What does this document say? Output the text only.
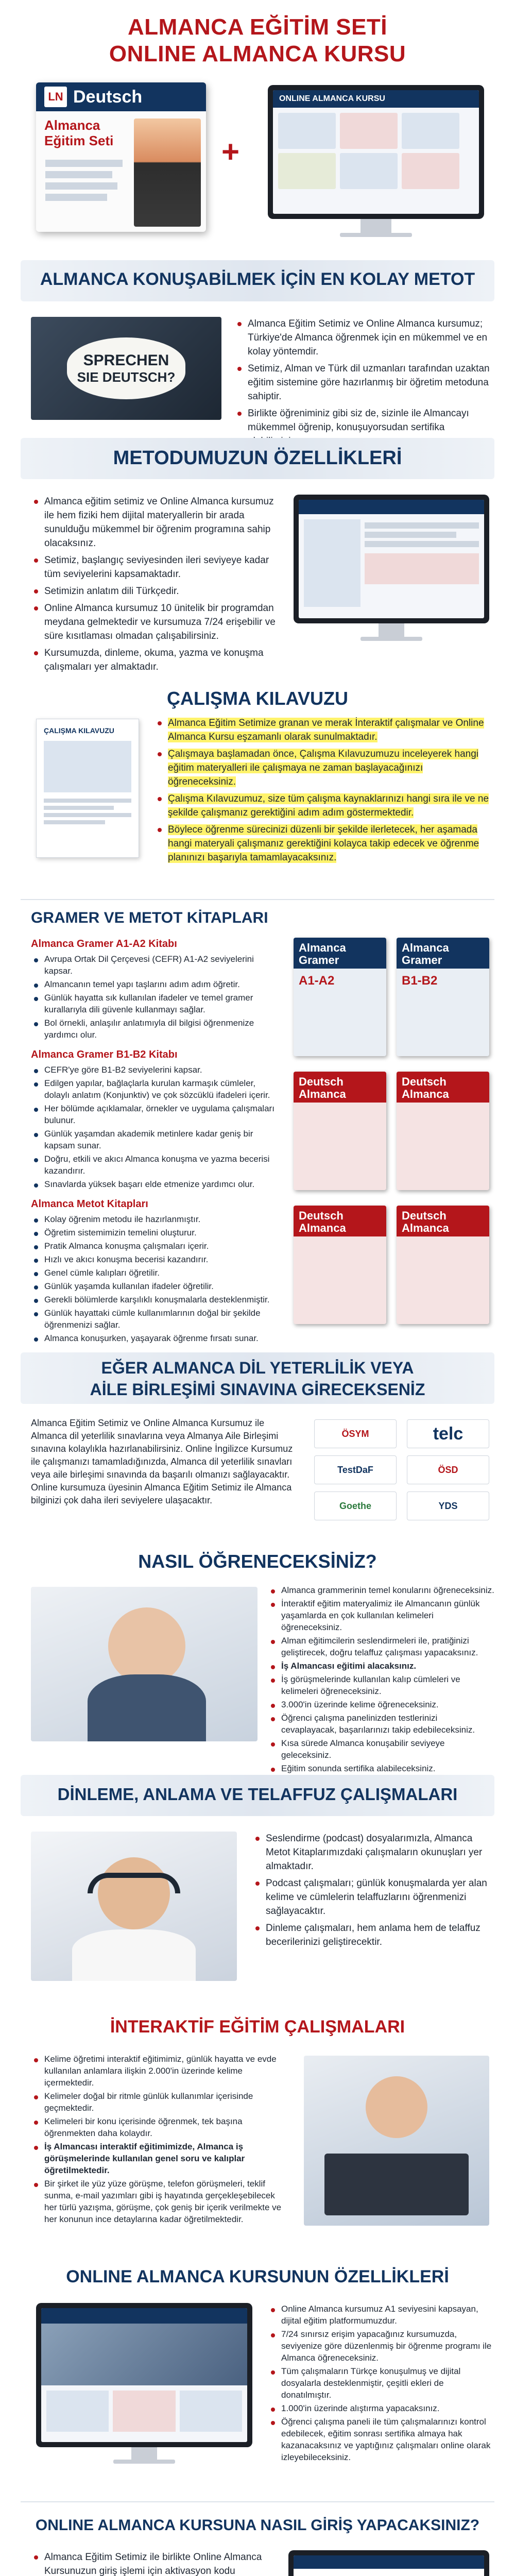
ALMANCA EĞİTİM SETİ
ONLINE ALMANCA KURSU
LN Deutsch
Almanca Eğitim Seti	+
ONLINE ALMANCA KURSU
ALMANCA KONUŞABİLMEK İÇİN EN KOLAY METOT
SPRECHEN
SIE DEUTSCH?
Almanca Eğitim Setimiz ve Online Almanca kursumuz; Türkiye'de Almanca öğrenmek için en mükemmel ve en kolay yöntemdir.
Setimiz, Alman ve Türk dil uzmanları tarafından uzaktan eğitim sistemine göre hazırlanmış bir öğretim metoduna sahiptir.
Birlikte öğreniminiz gibi siz de, sizinle ile Almancayı mükemmel öğrenip, konuşuyorsudan sertifika
METODUMUZUN ÖZELLİKLERİ
Almanca eğitim setimiz ve Online Almanca kursumuz ile hem fiziki hem dijital materyallerin bir arada sunulduğu mükemmel bir öğrenim programına sahip olacaksınız.
Setimiz, başlangıç seviyesinden ileri seviyeye kadar tüm seviyelerini kapsamaktadır.
Setimizin anlatım dili Türkçedir.
Online Almanca kursumuz 10 ünitelik bir programdan meydana gelmektedir ve kursumuza 7/24 erişebilir ve süre kısıtlaması olmadan çalışabilirsiniz.
Kursumuzda, dinleme, okuma, yazma ve konuşma çalışmaları yer almaktadır.
ÇALIŞMA KILAVUZU
ÇALIŞMA KILAVUZU
Almanca Eğitim Setimize granan ve merak İnteraktif çalışmalar ve Online Almanca Kursu eşzamanlı olarak sunulmaktadır.
Çalışmaya başlamadan önce, Çalışma Kılavuzumuzu inceleyerek hangi eğitim materyalleri ile çalışmaya ne zaman başlayacağınızı öğreneceksiniz.
Çalışma Kılavuzumuz, size tüm çalışma kaynaklarınızı hangi sıra ile ve ne şekilde çalışmanız gerektiğini adım adım göstermektedir.
Böylece öğrenme sürecinizi düzenli bir şekilde ilerletecek, her aşamada hangi materyali çalışmanız gerektiğini kolayca takip edecek ve öğrenme planınızı başarıyla tamamlayacaksınız.
GRAMER VE METOT KİTAPLARI
Almanca Gramer A1-A2 Kitabı
Avrupa Ortak Dil Çerçevesi (CEFR) A1-A2 seviyelerini kapsar.
Almancanın temel yapı taşlarını adım adım öğretir.
Günlük hayatta sık kullanılan ifadeler ve temel gramer kurallarıyla dili güvenle kullanmayı sağlar.
Bol örnekli, anlaşılır anlatımıyla dil bilgisi öğrenmenize yardımcı olur.
Almanca Gramer B1-B2 Kitabı
CEFR'ye göre B1-B2 seviyelerini kapsar.
Edilgen yapılar, bağlaçlarla kurulan karmaşık cümleler, dolaylı anlatım (Konjunktiv) ve çok sözcüklü ifadeleri içerir.
Her bölümde açıklamalar, örnekler ve uygulama çalışmaları bulunur.
Günlük yaşamdan akademik metinlere kadar geniş bir kapsam sunar.
Doğru, etkili ve akıcı Almanca konuşma ve yazma becerisi kazandırır.
Sınavlarda yüksek başarı elde etmenize yardımcı olur.
Almanca Metot Kitapları
Kolay öğrenim metodu ile hazırlanmıştır.
Öğretim sistemimizin temelini oluşturur.
Pratik Almanca konuşma çalışmaları içerir.
Hızlı ve akıcı konuşma becerisi kazandırır.
Genel cümle kalıpları öğretilir.
Günlük yaşamda kullanılan ifadeler öğretilir.
Gerekli bölümlerde karşılıklı konuşmalarla desteklenmiştir.
Günlük hayattaki cümle kullanımlarının doğal bir şekilde öğrenmenizi sağlar.
Almanca konuşurken, yaşayarak öğrenme fırsatı sunar.
Almanca Gramer
A1-A2
Almanca Gramer
B1-B2
Deutsch Almanca
Deutsch Almanca
Deutsch Almanca
Deutsch Almanca
EĞER ALMANCA DİL YETERLİLİK VEYA
AİLE BİRLEŞİMİ SINAVINA GİRECEKSENİZ
Almanca Eğitim Setimiz ve Online Almanca Kursumuz ile Almanca dil yeterlilik sınavlarına veya Almanya Aile Birleşimi sınavına kolaylıkla hazırlanabilirsiniz. Online İngilizce Kursumuz ile çalışmanızı tamamladığınızda, Almanca dil yeterlilik sınavları veya aile birleşimi sınavında da başarılı olmanızı sağlayacaktır. Online kursumuza üyesinin Almanca Eğitim Setimiz ile Almanca bilginizi çok daha ileri seviyelere ulaşacaktır.
ÖSYM	telc
TestDaF	ÖSD
Goethe	YDS
NASIL ÖĞRENECEKSİNİZ?
Almanca grammerinin temel konularını öğreneceksiniz.
İnteraktif eğitim materyalimiz ile Almancanın günlük yaşamlarda en çok kullanılan kelimeleri öğreneceksiniz.
Alman eğitimcilerin seslendirmeleri ile, pratiğinizi geliştirecek, doğru telaffuz çalışması yapacaksınız.
İş Almancası eğitimi alacaksınız.
İş görüşmelerinde kullanılan kalıp cümleleri ve kelimeleri öğreneceksiniz.
3.000'in üzerinde kelime öğreneceksiniz.
Öğrenci çalışma panelinizden testlerinizi cevaplayacak, başarılarınızı takip edebileceksiniz.
Kısa sürede Almanca konuşabilir seviyeye geleceksiniz.
Eğitim sonunda sertifika alabileceksiniz.
DİNLEME, ANLAMA VE TELAFFUZ ÇALIŞMALARI
Seslendirme (podcast) dosyalarımızla, Almanca Metot Kitaplarımızdaki çalışmaların okunuşları yer almaktadır.
Podcast çalışmaları; günlük konuşmalarda yer alan kelime ve cümlelerin telaffuzlarını öğrenmenizi sağlayacaktır.
Dinleme çalışmaları, hem anlama hem de telaffuz becerilerinizi geliştirecektir.
İNTERAKTİF EĞİTİM ÇALIŞMALARI
Kelime öğretimi interaktif eğitimimiz, günlük hayatta ve evde kullanılan anlamlara ilişkin 2.000'in üzerinde kelime içermektedir.
Kelimeler doğal bir ritmle günlük kullanımlar içerisinde geçmektedir.
Kelimeleri bir konu içerisinde öğrenmek, tek başına öğrenmekten daha kolaydır.
İş Almancası interaktif eğitimimizde, Almanca iş görüşmelerinde kullanılan genel soru ve kalıplar öğretilmektedir.
Bir şirket ile yüz yüze görüşme, telefon görüşmeleri, teklif sunma, e-mail yazımları gibi iş hayatında gerçekleşebilecek her türlü yazışma, görüşme, çok geniş bir içerik verilmekte ve her konunun ince detaylarına kadar öğretilmektedir.
ONLINE ALMANCA KURSUNUN ÖZELLİKLERİ
Online Almanca kursumuz A1 seviyesini kapsayan, dijital eğitim platformumuzdur.
7/24 sınırsız erişim yapacağınız kursumuzda, seviyenize göre düzenlenmiş bir öğrenme programı ile Almanca öğreneceksiniz.
Tüm çalışmaların Türkçe konuşulmuş ve dijital dosyalarla desteklenmiştir, çeşitli ekleri de donatılmıştır.
1.000'in üzerinde alıştırma yapacaksınız.
Öğrenci çalışma paneli ile tüm çalışmalarınızı kontrol edebilecek, eğitim sonrası sertifika almaya hak kazanacaksınız ve yaptığınız çalışmaları online olarak izleyebileceksiniz.
ONLINE ALMANCA KURSUNA NASIL GİRİŞ YAPACAKSINIZ?
Almanca Eğitim Setimiz ile birlikte Online Almanca Kursunuzun giriş işlemi için aktivasyon kodu
